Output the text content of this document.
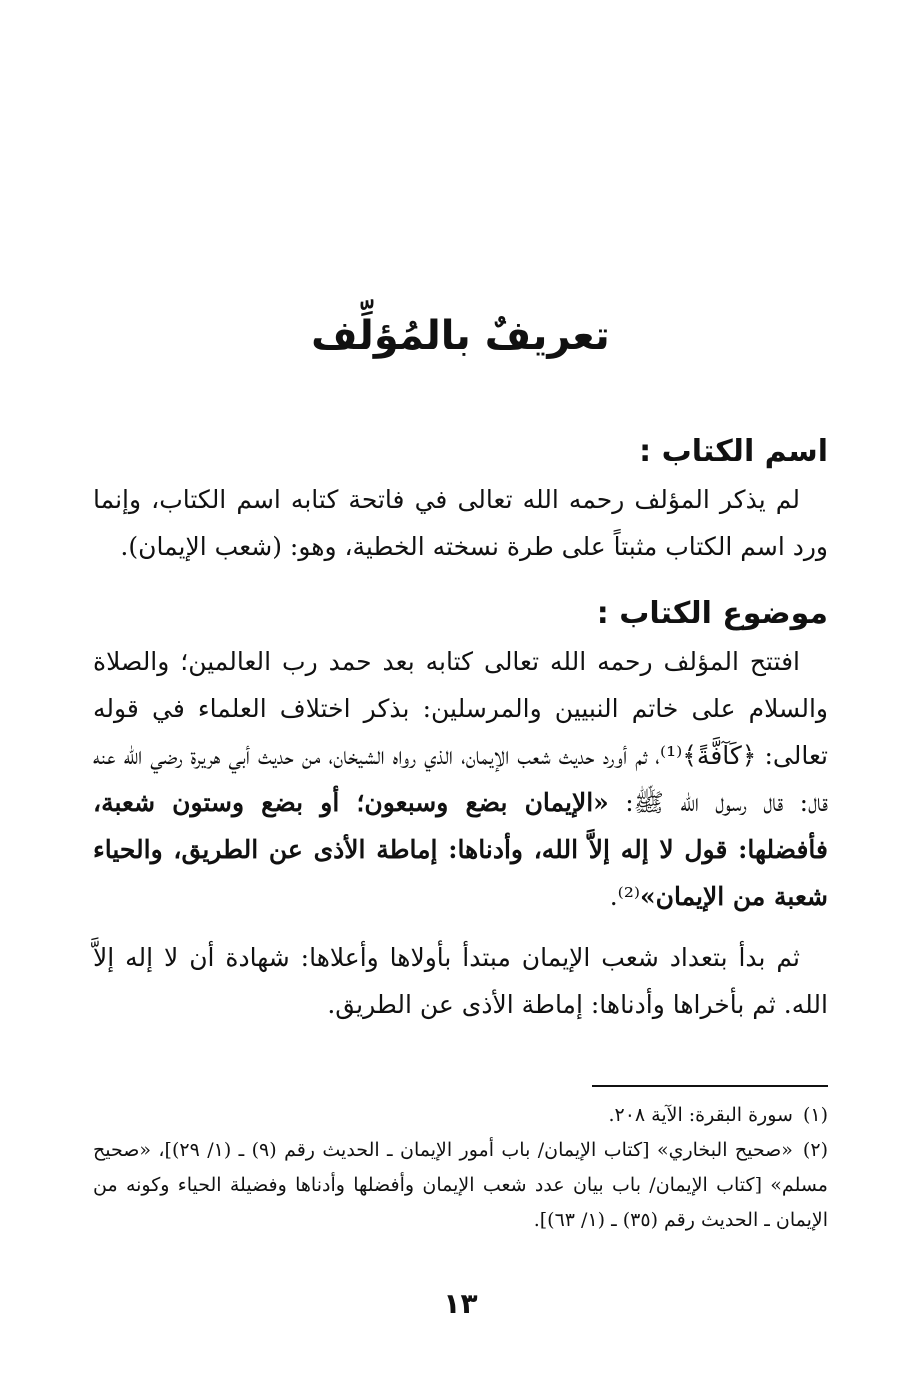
تعريفٌ بالمُؤلِّف
اسم الكتاب :

لم يذكر المؤلف رحمه الله تعالى في فاتحة كتابه اسم الكتاب، وإنما ورد اسم الكتاب مثبتاً على طرة نسخته الخطية، وهو: (شعب الإيمان).

موضوع الكتاب :

افتتح المؤلف رحمه الله تعالى كتابه بعد حمد رب العالمين؛ والصلاة والسلام على خاتم النبيين والمرسلين: بذكر اختلاف العلماء في قوله تعالى: ﴿كَآفَّةً﴾⁽¹⁾، ثم أورد حديث شعب الإيمان، الذي رواه الشيخان، من حديث أبي هريرة رضي الله عنه قال: قال رسول الله ﷺ: «الإيمان بضع وسبعون؛ أو بضع وستون شعبة، فأفضلها: قول لا إله إلاَّ الله، وأدناها: إماطة الأذى عن الطريق، والحياء شعبة من الإيمان»⁽²⁾.

ثم بدأ بتعداد شعب الإيمان مبتدأ بأولاها وأعلاها: شهادة أن لا إله إلاَّ الله. ثم بأخراها وأدناها: إماطة الأذى عن الطريق.

(١)سورة البقرة: الآية ٢٠٨.

(٢)«صحيح البخاري» [كتاب الإيمان/ باب أمور الإيمان ـ الحديث رقم (٩) ـ (١/ ٢٩)]، «صحيح مسلم» [كتاب الإيمان/ باب بيان عدد شعب الإيمان وأفضلها وأدناها وفضيلة الحياء وكونه من الإيمان ـ الحديث رقم (٣٥) ـ (١/ ٦٣)].

١٣
